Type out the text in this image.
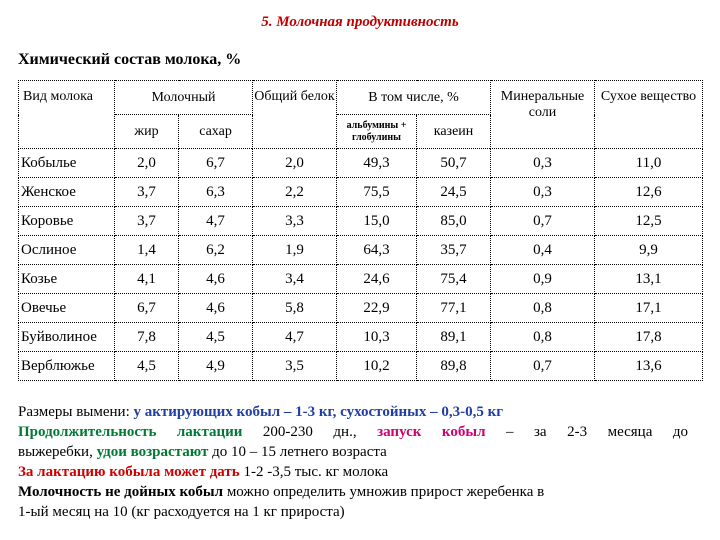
5. Молочная продуктивность
Химический состав молока, %
Вид молока	Молочный		Общий белок	В том числе, %		Минеральные соли	Сухое вещество
	жир	сахар		альбумины + глобулины	казеин		
Кобылье	2,0	6,7	2,0	49,3	50,7	0,3	11,0
Женское	3,7	6,3	2,2	75,5	24,5	0,3	12,6
Коровье	3,7	4,7	3,3	15,0	85,0	0,7	12,5
Ослиное	1,4	6,2	1,9	64,3	35,7	0,4	9,9
Козье	4,1	4,6	3,4	24,6	75,4	0,9	13,1
Овечье	6,7	4,6	5,8	22,9	77,1	0,8	17,1
Буйволиное	7,8	4,5	4,7	10,3	89,1	0,8	17,8
Верблюжье	4,5	4,9	3,5	10,2	89,8	0,7	13,6

Размеры вымени: у актирующих кобыл – 1-3 кг, сухостойных – 0,3-0,5 кг

Продолжительность лактации 200-230 дн., запуск кобыл – за 2-3 месяца до

выжеребки, удои возрастают до 10 – 15 летнего возраста

За лактацию кобыла может дать 1-2 -3,5 тыс. кг молока

Молочность не дойных кобыл можно определить умножив прирост жеребенка в

1-ый месяц на 10 (кг расходуется на 1 кг прироста)
